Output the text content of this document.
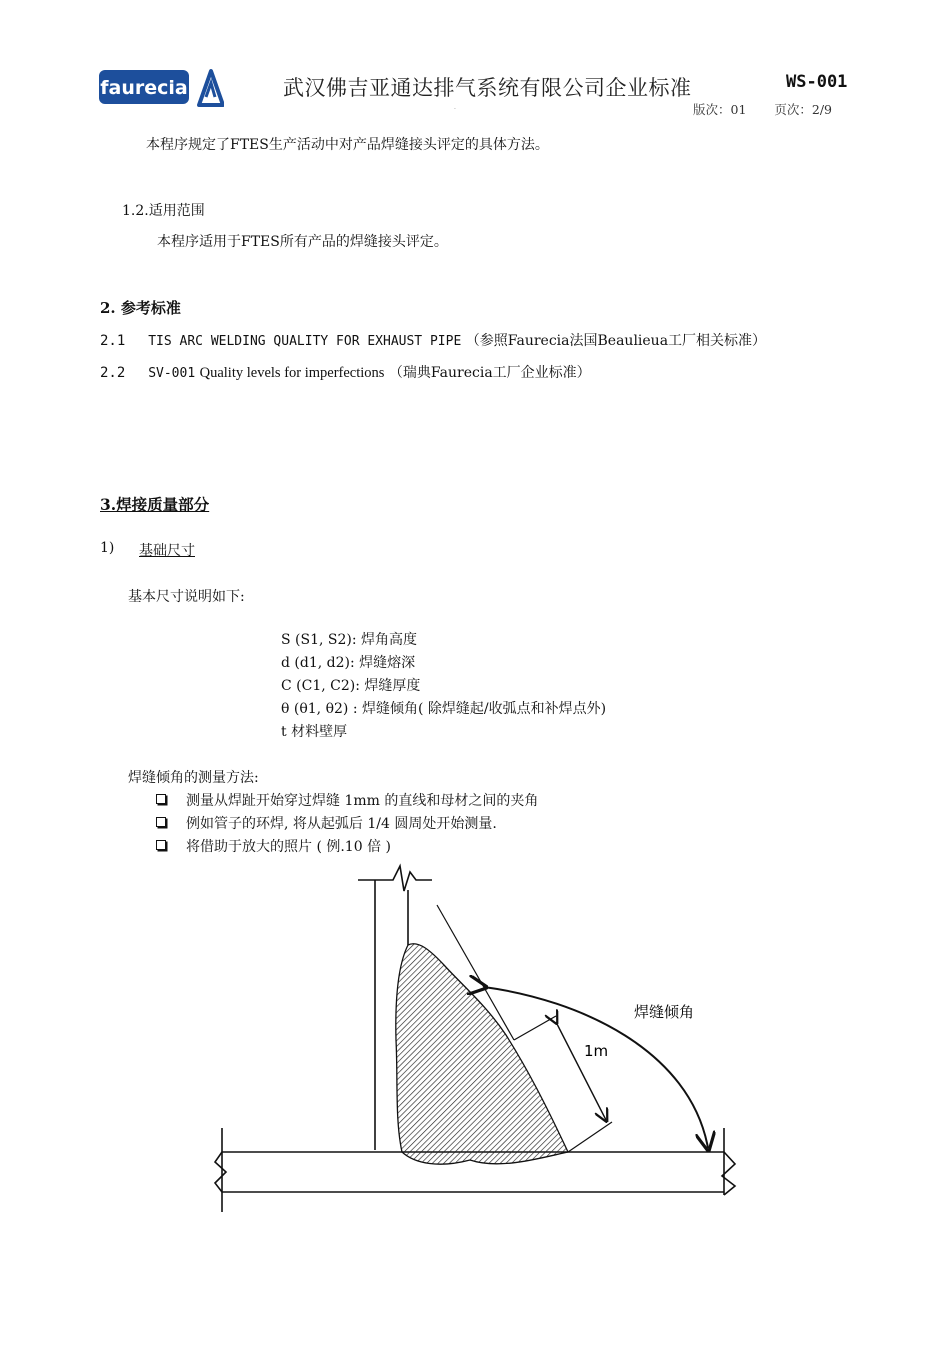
faurecia	武汉佛吉亚通达排气系统有限公司企业标准	WS-001
.	版次：01 页次：2/9
本程序规定了FTES生产活动中对产品焊缝接头评定的具体方法。
1.2.适用范围
本程序适用于FTES所有产品的焊缝接头评定。
2. 参考标准
2.1 TIS ARC WELDING QUALITY FOR EXHAUST PIPE （参照Faurecia法国Beaulieua工厂相关标准）
2.2 SV-001 Quality levels for imperfections （瑞典Faurecia工厂企业标准）
3.焊接质量部分
1) 基础尺寸
基本尺寸说明如下:
S (S1, S2): 焊角高度
d (d1, d2): 焊缝熔深
C (C1, C2): 焊缝厚度
θ (θ1, θ2) : 焊缝倾角( 除焊缝起/收弧点和补焊点外)
t 材料壁厚
焊缝倾角的测量方法:
测量从焊趾开始穿过焊缝 1mm 的直线和母材之间的夹角
例如管子的环焊, 将从起弧后 1/4 圆周处开始测量.
将借助于放大的照片 ( 例.10 倍 )
1m
焊缝倾角
